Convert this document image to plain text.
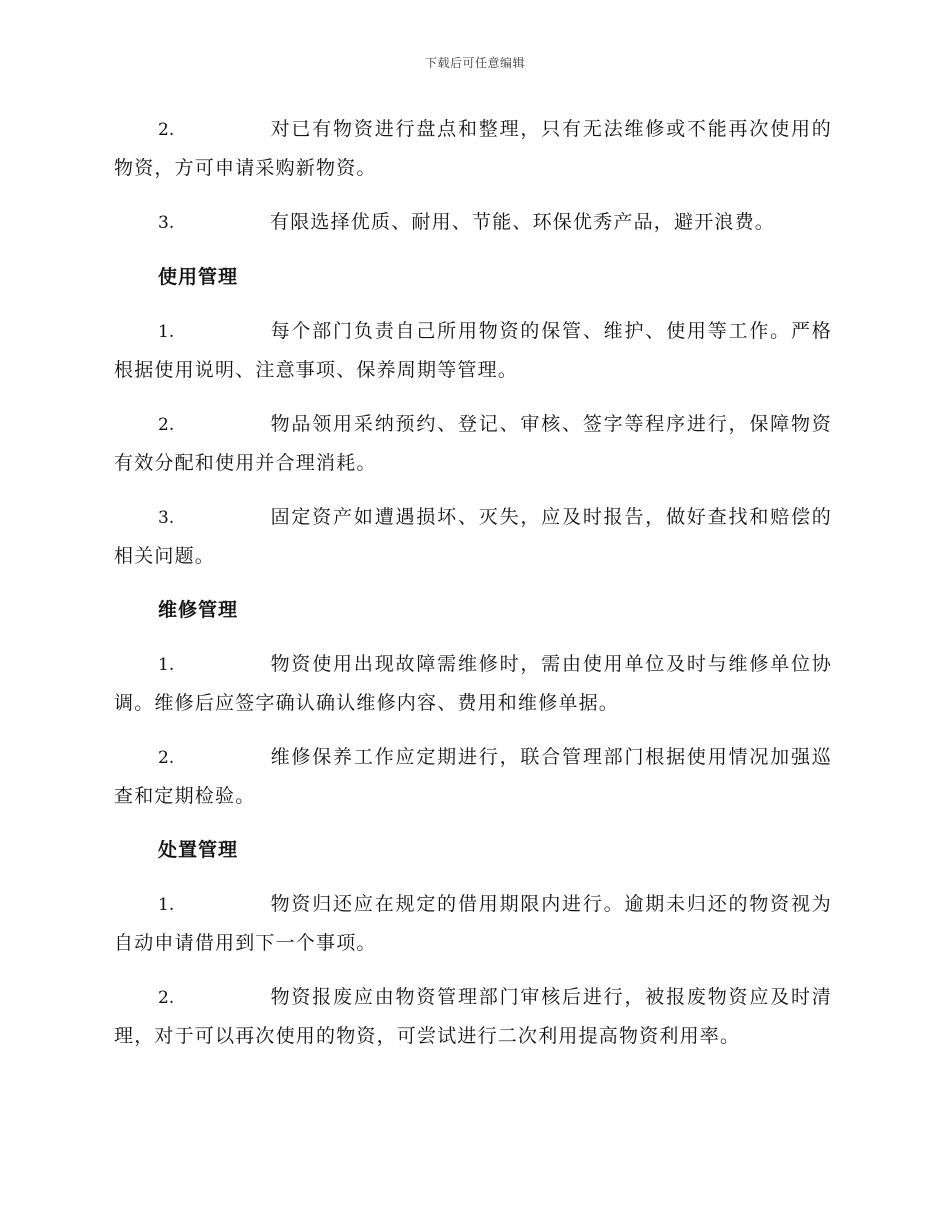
下载后可任意编辑

2.	对已有物资进行盘点和整理，只有无法维修或不能再次使用的物资，方可申请采购新物资。

3.	有限选择优质、耐用、节能、环保优秀产品，避开浪费。

使用管理

1.	每个部门负责自己所用物资的保管、维护、使用等工作。严格根据使用说明、注意事项、保养周期等管理。

2.	物品领用采纳预约、登记、审核、签字等程序进行，保障物资有效分配和使用并合理消耗。

3.	固定资产如遭遇损坏、灭失，应及时报告，做好查找和赔偿的相关问题。

维修管理

1.	物资使用出现故障需维修时，需由使用单位及时与维修单位协调。维修后应签字确认确认维修内容、费用和维修单据。

2.	维修保养工作应定期进行，联合管理部门根据使用情况加强巡查和定期检验。

处置管理

1.	物资归还应在规定的借用期限内进行。逾期未归还的物资视为自动申请借用到下一个事项。

2.	物资报废应由物资管理部门审核后进行，被报废物资应及时清理，对于可以再次使用的物资，可尝试进行二次利用提高物资利用率。
